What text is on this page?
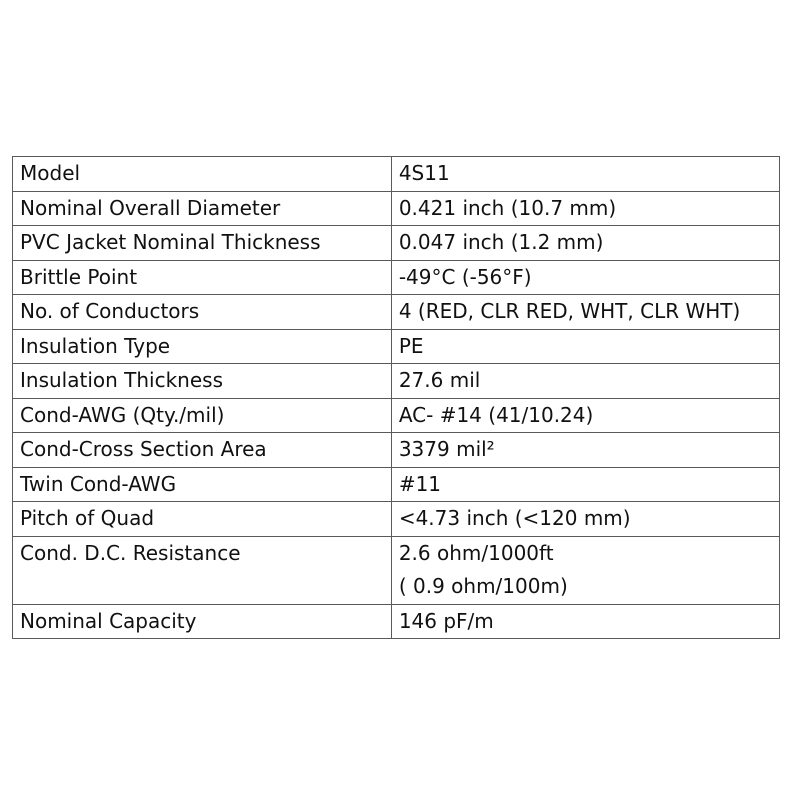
Model	4S11

Nominal Overall Diameter	0.421 inch (10.7 mm)

PVC Jacket Nominal Thickness	0.047 inch (1.2 mm)

Brittle Point	-49°C (-56°F)

No. of Conductors	4 (RED, CLR RED, WHT, CLR WHT)

Insulation Type	PE

Insulation Thickness	27.6 mil

Cond-AWG (Qty./mil)	AC- #14 (41/10.24)

Cond-Cross Section Area	3379 mil²

Twin Cond-AWG	#11

Pitch of Quad	<4.73 inch (<120 mm)

Cond. D.C. Resistance	2.6 ohm/1000ft
( 0.9 ohm/100m)

Nominal Capacity	146 pF/m
